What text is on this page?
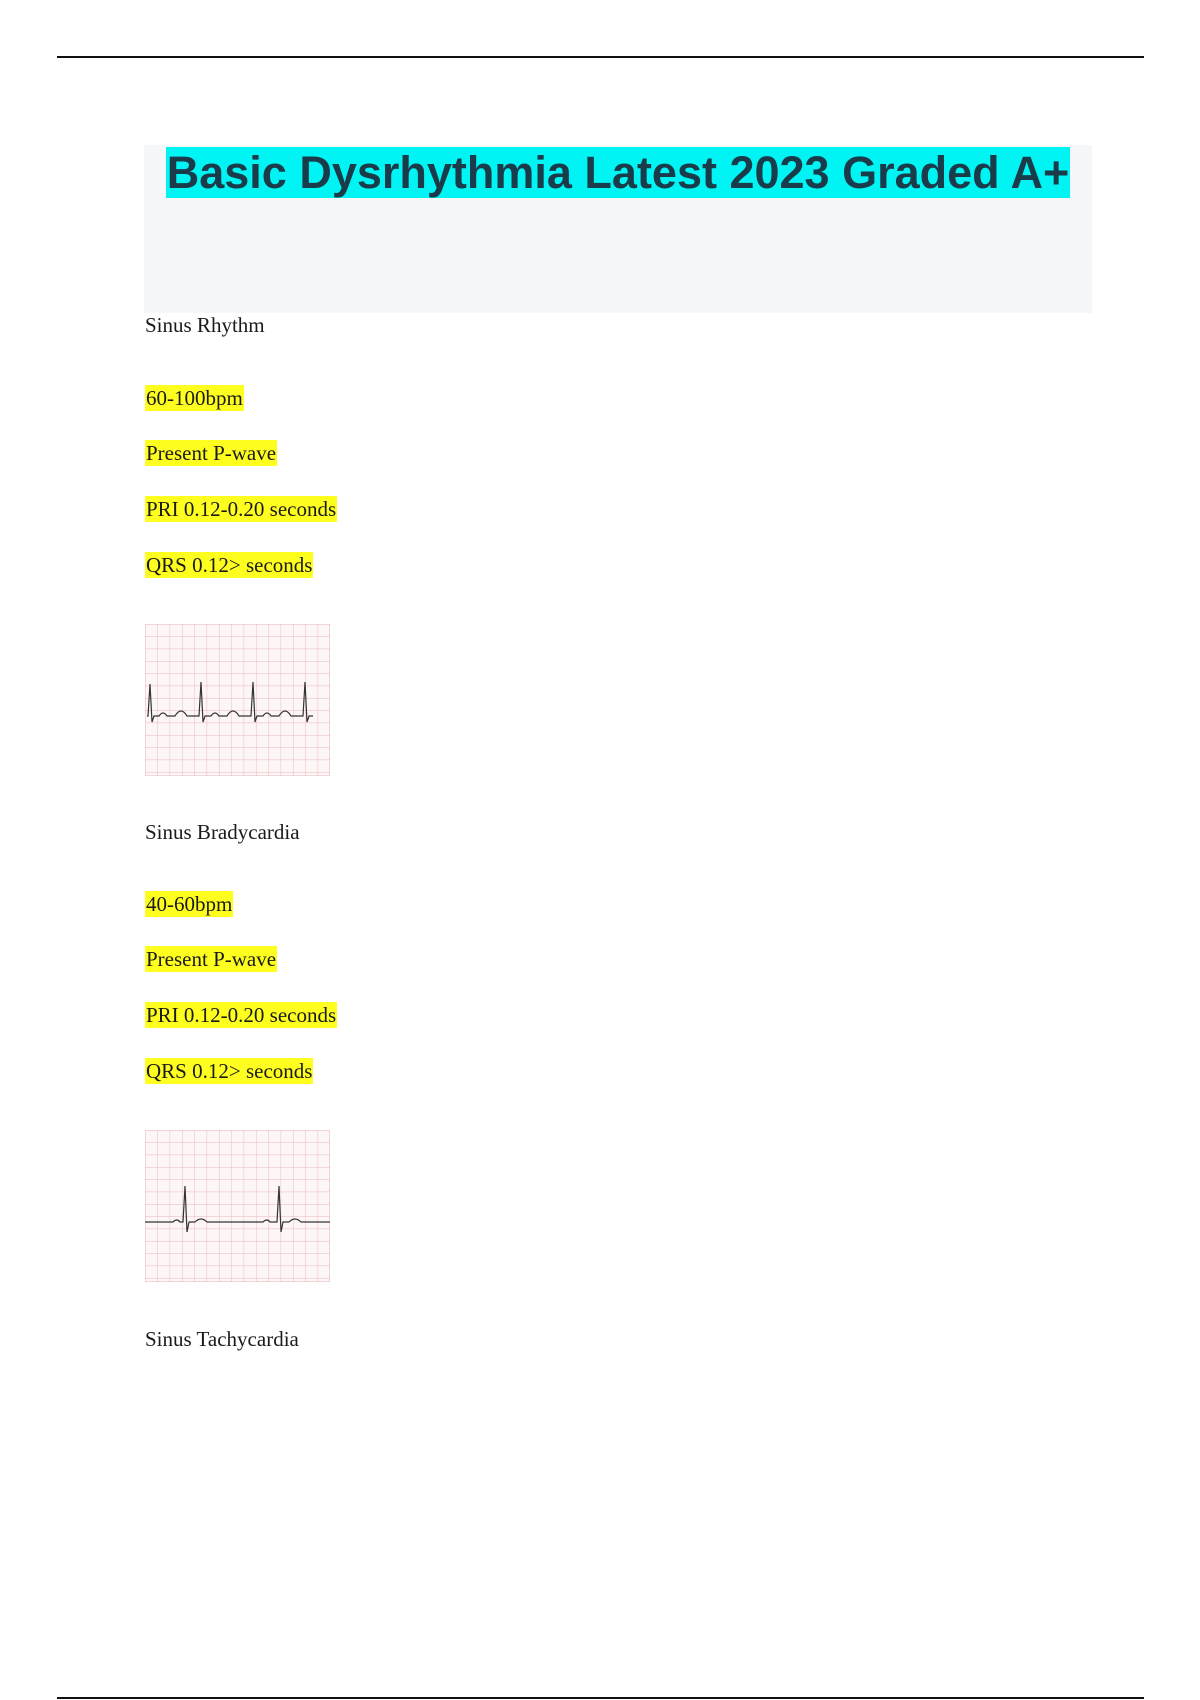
Basic Dysrhythmia Latest 2023 Graded A+
Sinus Rhythm
60-100bpm
Present P-wave
PRI 0.12-0.20 seconds
QRS 0.12> seconds
Sinus Bradycardia
40-60bpm
Present P-wave
PRI 0.12-0.20 seconds
QRS 0.12> seconds
Sinus Tachycardia
